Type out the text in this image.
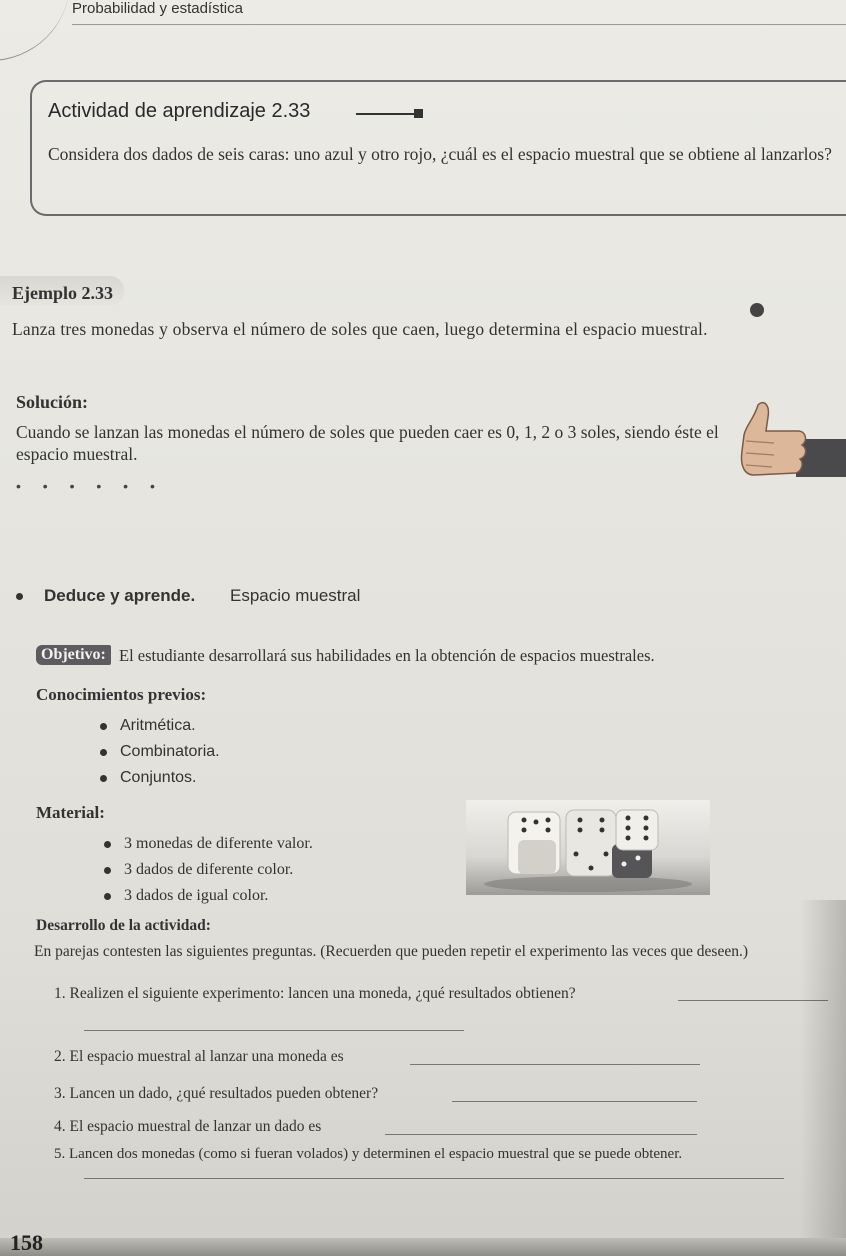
Probabilidad y estadística
Actividad de aprendizaje 2.33
Considera dos dados de seis caras: uno azul y otro rojo, ¿cuál es el espacio muestral que se obtiene al lanzarlos?
Ejemplo 2.33
Lanza tres monedas y observa el número de soles que caen, luego determina el espacio muestral.
Solución:
Cuando se lanzan las monedas el número de soles que pueden caer es 0, 1, 2 o 3 soles, siendo éste el espacio muestral.
• • • • • •
Deduce y aprende. Espacio muestral
Objetivo: El estudiante desarrollará sus habilidades en la obtención de espacios muestrales.
Conocimientos previos:
Aritmética.
Combinatoria.
Conjuntos.
Material:
3 monedas de diferente valor.
3 dados de diferente color.
3 dados de igual color.
Desarrollo de la actividad:
En parejas contesten las siguientes preguntas. (Recuerden que pueden repetir el experimento las veces que deseen.)
1. Realizen el siguiente experimento: lancen una moneda, ¿qué resultados obtienen?
2. El espacio muestral al lanzar una moneda es
3. Lancen un dado, ¿qué resultados pueden obtener?
4. El espacio muestral de lanzar un dado es
5. Lancen dos monedas (como si fueran volados) y determinen el espacio muestral que se puede obtener.
158
